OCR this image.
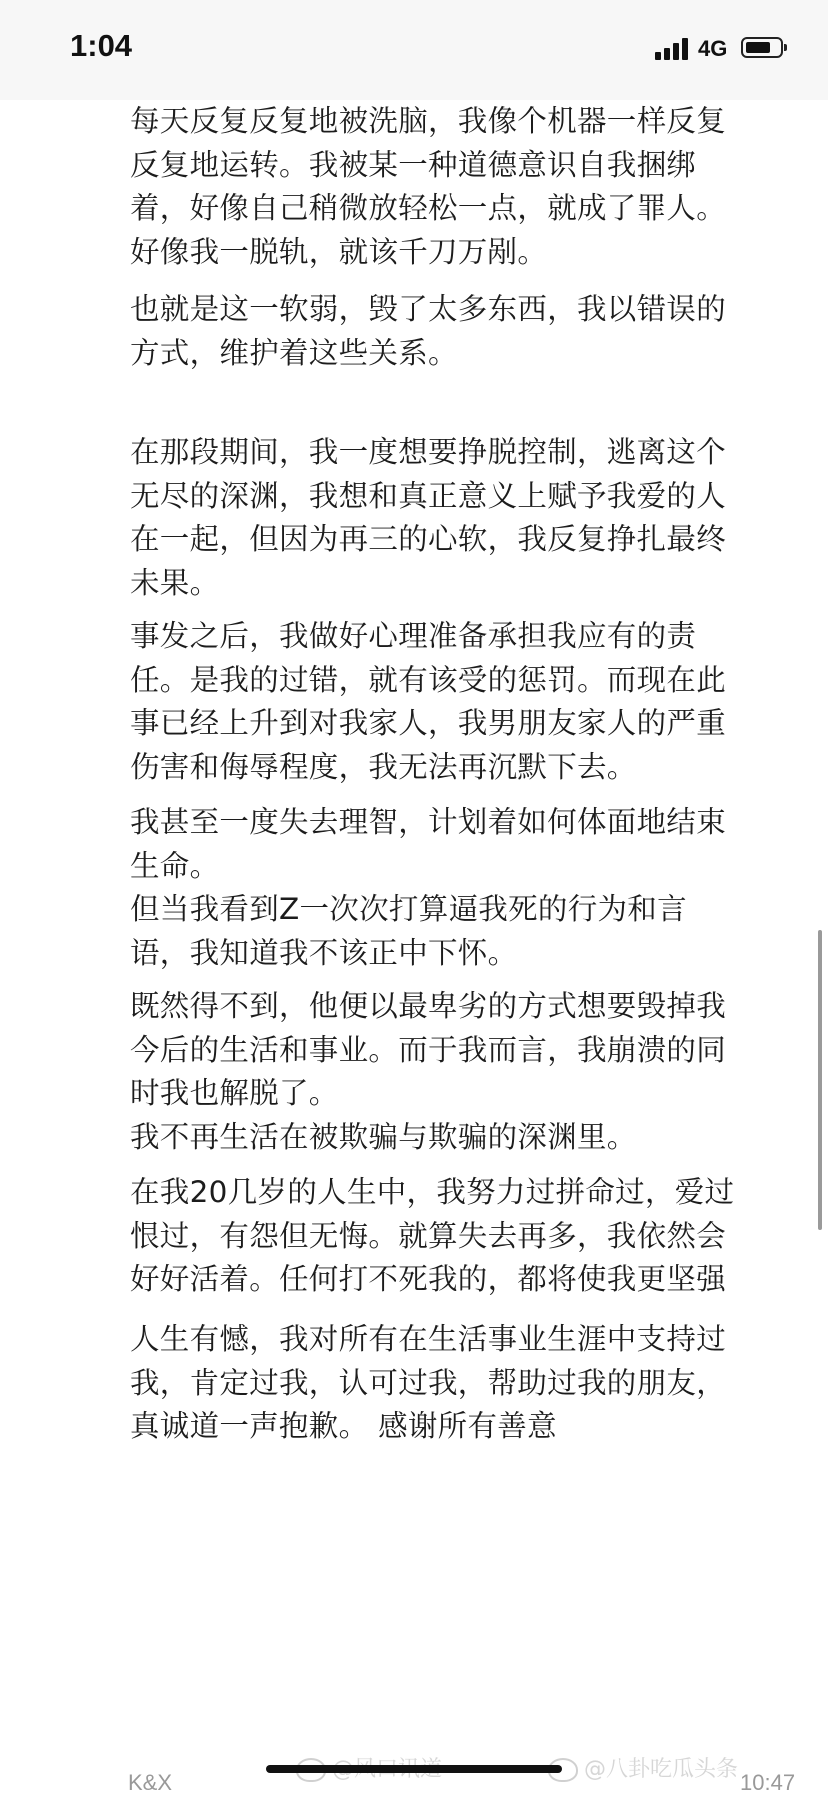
1:04	4G
每天反复反复地被洗脑，我像个机器一样反复
反复地运转。我被某一种道德意识自我捆绑
着，好像自己稍微放轻松一点，就成了罪人。
好像我一脱轨，就该千刀万剐。
也就是这一软弱，毁了太多东西，我以错误的
方式，维护着这些关系。
在那段期间，我一度想要挣脱控制，逃离这个
无尽的深渊，我想和真正意义上赋予我爱的人
在一起，但因为再三的心软，我反复挣扎最终
未果。
事发之后，我做好心理准备承担我应有的责
任。是我的过错，就有该受的惩罚。而现在此
事已经上升到对我家人，我男朋友家人的严重
伤害和侮辱程度，我无法再沉默下去。
我甚至一度失去理智，计划着如何体面地结束
生命。
但当我看到Z一次次打算逼我死的行为和言
语，我知道我不该正中下怀。
既然得不到，他便以最卑劣的方式想要毁掉我
今后的生活和事业。而于我而言，我崩溃的同
时我也解脱了。
我不再生活在被欺骗与欺骗的深渊里。
在我20几岁的人生中，我努力过拼命过，爱过
恨过，有怨但无悔。就算失去再多，我依然会
好好活着。任何打不死我的，都将使我更坚强
人生有憾，我对所有在生活事业生涯中支持过
我，肯定过我，认可过我，帮助过我的朋友，
真诚道一声抱歉。 感谢所有善意
@八卦吃瓜头条
K&X	10:47
